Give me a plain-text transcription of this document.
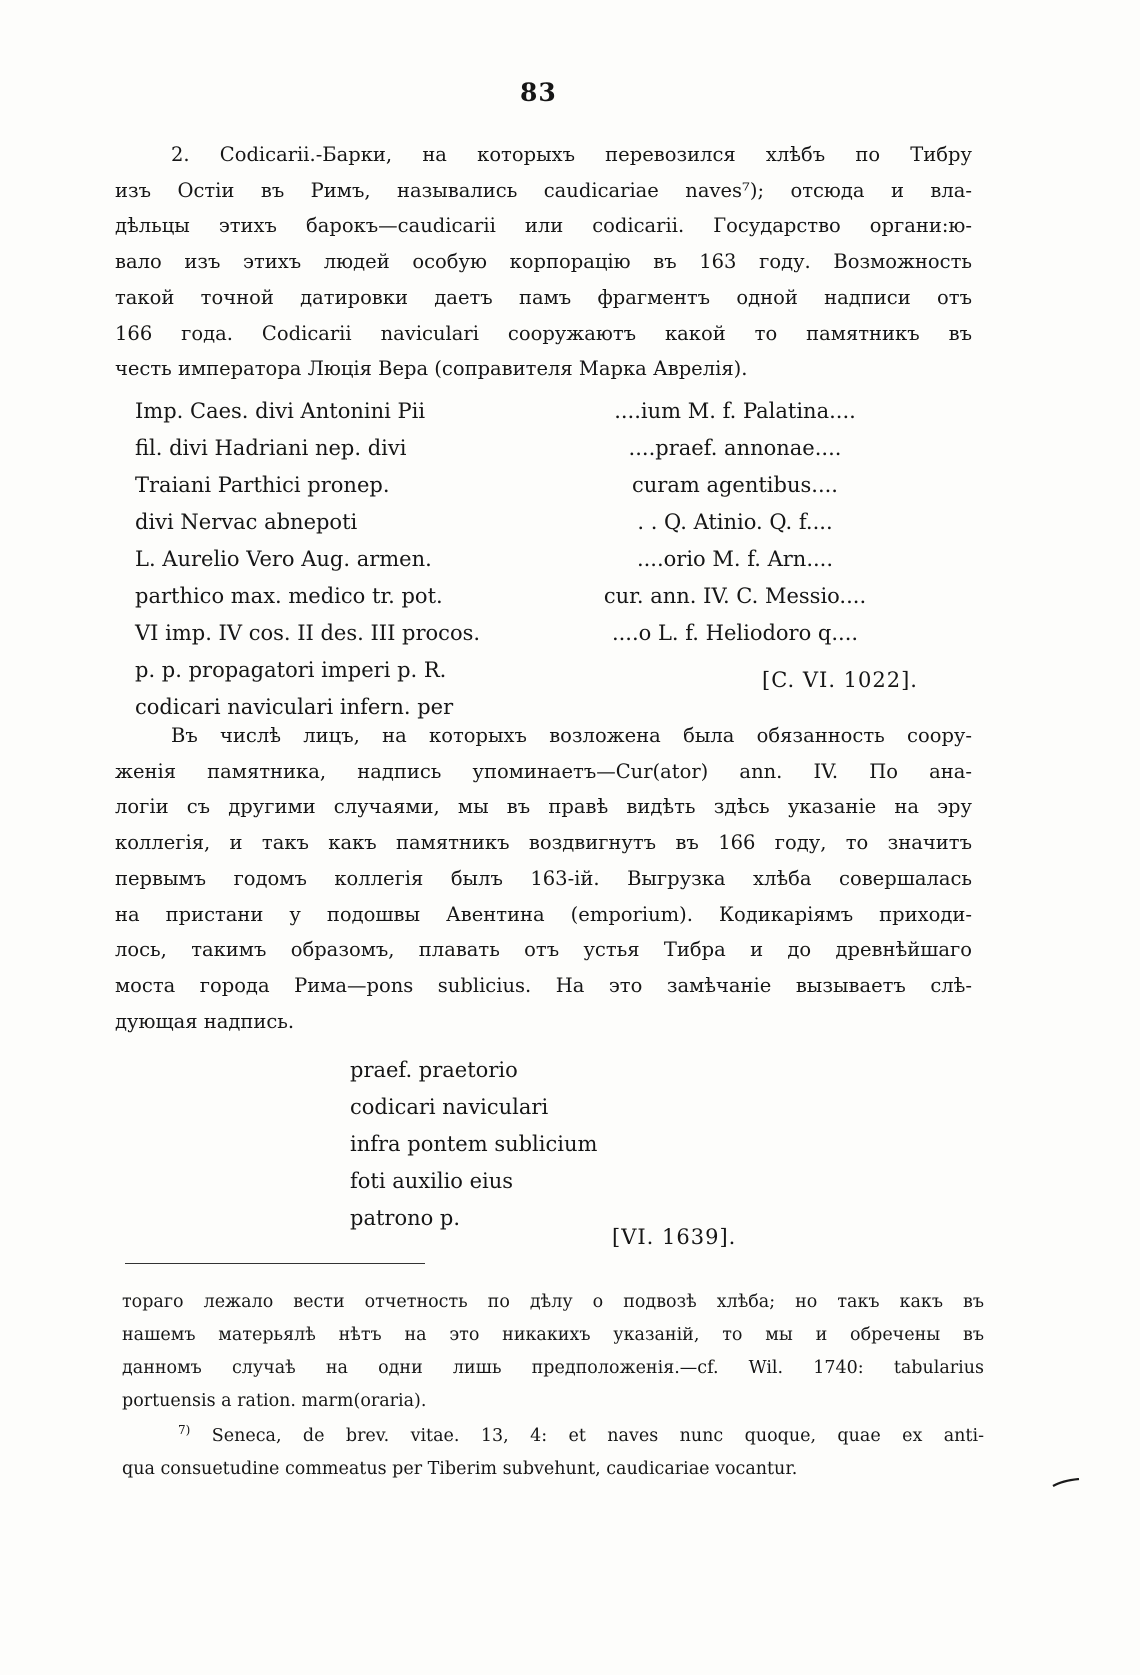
83

2. Codicarii.-Барки, на которыхъ перевозился хлѣбъ по Тибру
изъ Остіи въ Римъ, назывались caudicariae naves⁷); отсюда и вла-
дѣльцы этихъ барокъ—caudicarii или codicarii. Государство органи:ю-
вало изъ этихъ людей особую корпорацію въ 163 году. Возможность
такой точной датировки даетъ памъ фрагментъ одной надписи отъ
166 года. Codicarii naviculari сооружаютъ какой то памятникъ въ
честь императора Люція Вера (соправителя Марка Аврелія).

Imp. Caes. divi Antonini Pii
fil. divi Hadriani nep. divi
Traiani Parthici pronep.
divi Nervac abnepoti
L. Aurelio Vero Aug. armen.
parthico max. medico tr. pot.
VI imp. IV cos. II des. III procos.
p. p. propagatori imperi p. R.
codicari naviculari infern. per
....ium M. f. Palatina....
....praef. annonae....
curam agentibus....
. . Q. Atinio. Q. f....
....orio M. f. Arn....
cur. ann. IV. C. Messio....
....o L. f. Heliodoro q....
[C. VI. 1022].

Въ числѣ лицъ, на которыхъ возложена была обязанность соору-
женія памятника, надпись упоминаетъ—Cur(ator) ann. IV. По ана-
логіи съ другими случаями, мы въ правѣ видѣть здѣсь указаніе на эру
коллегія, и такъ какъ памятникъ воздвигнутъ въ 166 году, то значитъ
первымъ годомъ коллегія былъ 163-ій. Выгрузка хлѣба совершалась
на пристани у подошвы Авентина (emporium). Кодикаріямъ приходи-
лось, такимъ образомъ, плавать отъ устья Тибра и до древнѣйшаго
моста города Рима—pons sublicius. На это замѣчаніе вызываетъ слѣ-
дующая надпись.

praef. praetorio
codicari naviculari
infra pontem sublicium
foti auxilio eius
patrono p.
[VI. 1639].

тораго лежало вести отчетность по дѣлу о подвозѣ хлѣба; но такъ какъ въ
нашемъ матерьялѣ нѣтъ на это никакихъ указаній, то мы и обречены въ
данномъ случаѣ на одни лишь предположенія.—cf. Wil. 1740: tabularius
portuensis a ration. marm(oraria).

$^{7)}$ Seneca, de brev. vitae. 13, 4: et naves nunc quoque, quae ex anti-
qua consuetudine commeatus per Tiberim subvehunt, caudicariae vocantur.
